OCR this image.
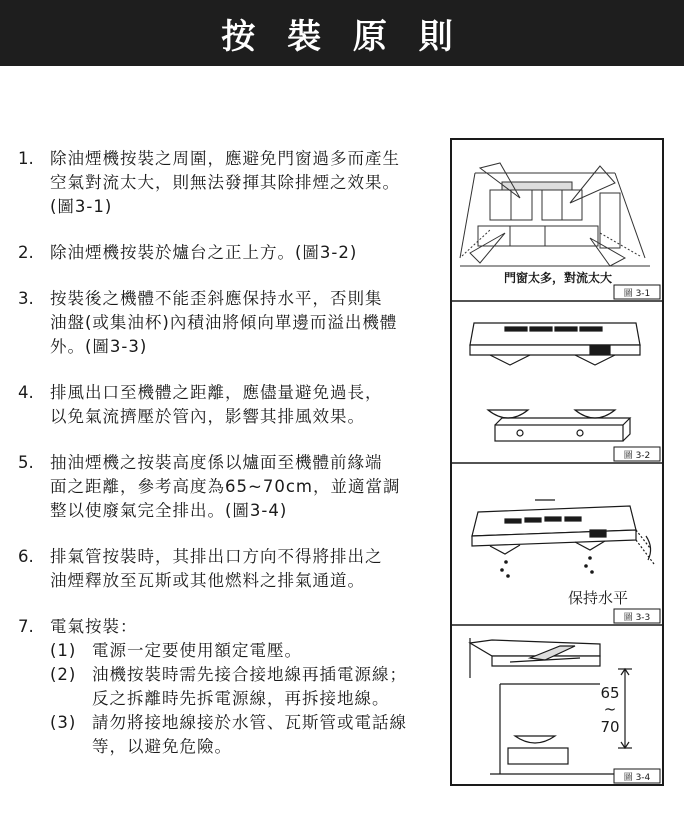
按 裝 原 則
1. 除油煙機按裝之周圍，應避免門窗過多而產生
空氣對流太大，則無法發揮其除排煙之效果。
(圖3-1)
2. 除油煙機按裝於爐台之正上方。(圖3-2)
3. 按裝後之機體不能歪斜應保持水平，否則集
油盤(或集油杯)內積油將傾向單邊而溢出機體
外。(圖3-3)
4. 排風出口至機體之距離，應儘量避免過長，
以免氣流擠壓於管內，影響其排風效果。
5. 抽油煙機之按裝高度係以爐面至機體前緣端
面之距離，參考高度為65~70cm，並適當調
整以使廢氣完全排出。(圖3-4)
6. 排氣管按裝時，其排出口方向不得將排出之
油煙釋放至瓦斯或其他燃料之排氣通道。
7. 電氣按裝：
(1) 電源一定要使用額定電壓。
(2) 油機按裝時需先接合接地線再插電源線；
反之拆離時先拆電源線，再拆接地線。
(3) 請勿將接地線接於水管、瓦斯管或電話線
等，以避免危險。
門窗太多，對流太大
圖 3-1
圖 3-2
保持水平
圖 3-3
65
~
70
圖 3-4
